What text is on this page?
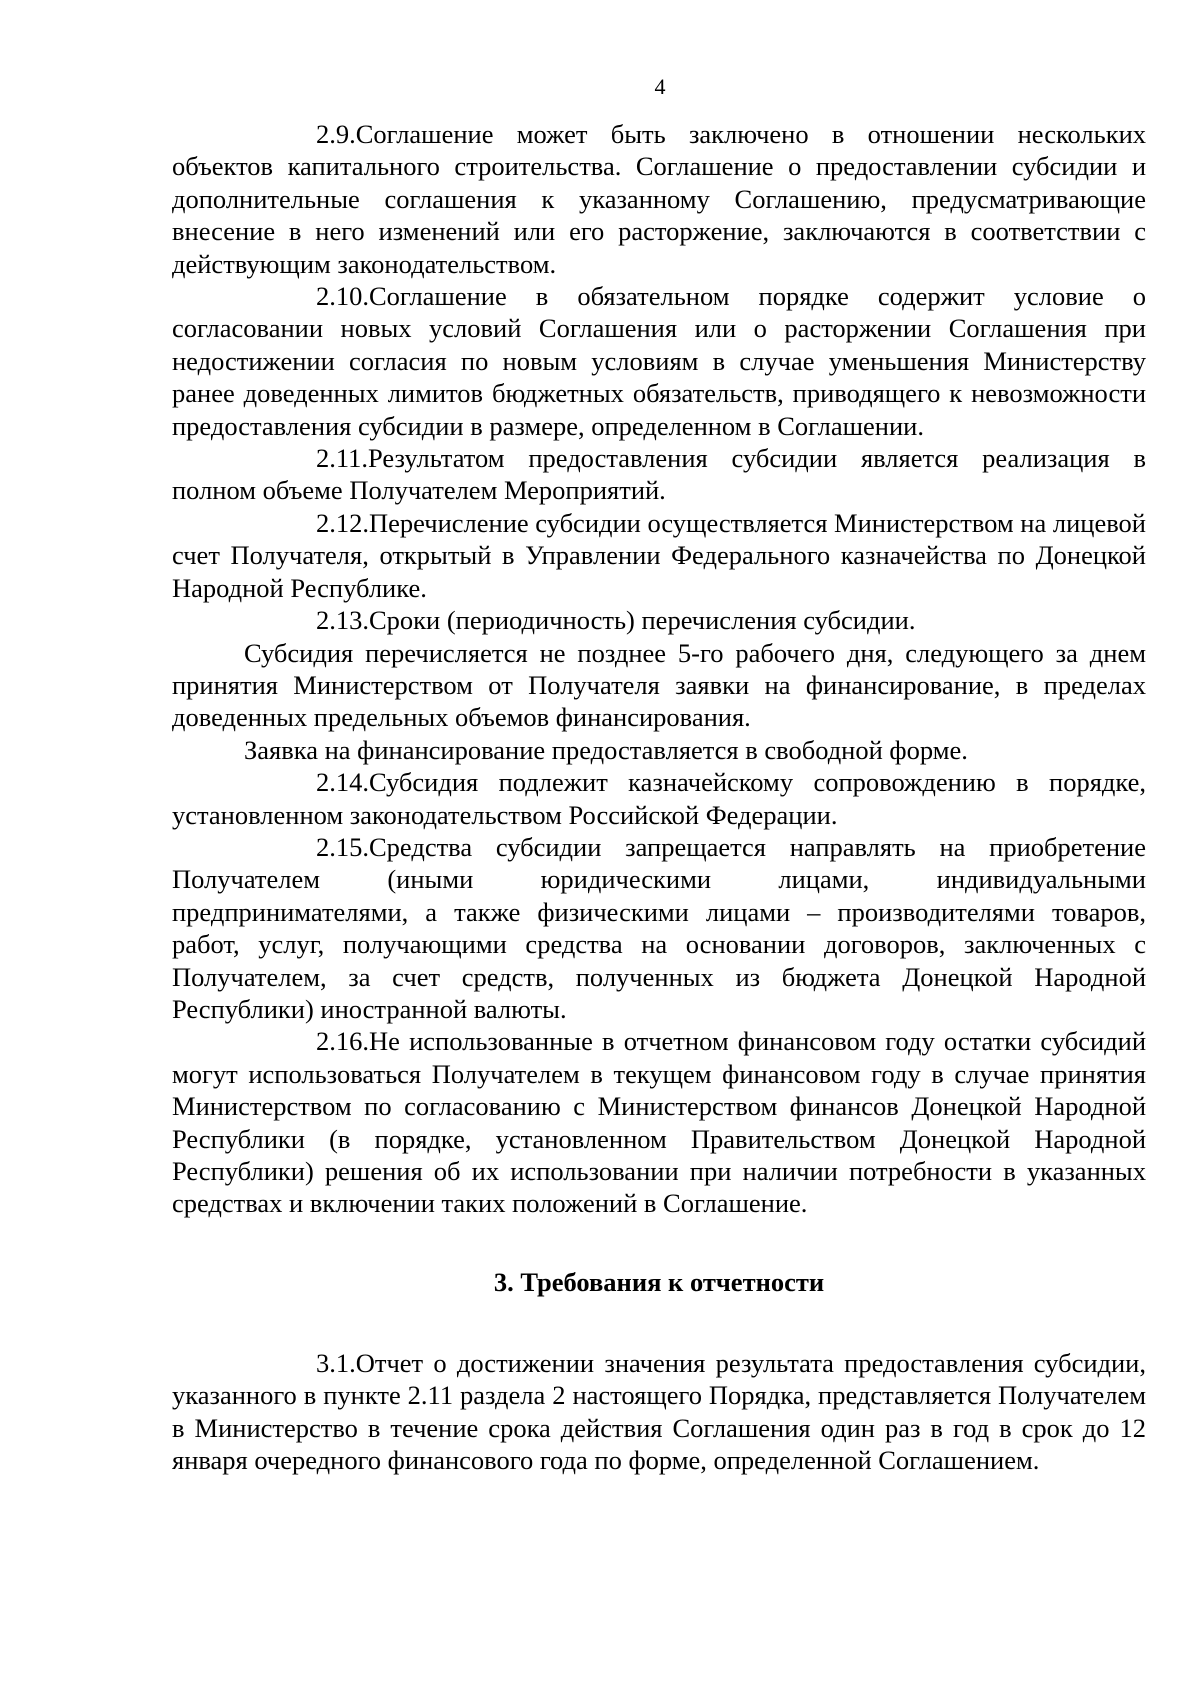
4

2.9.Соглашение может быть заключено в отношении нескольких объектов капитального строительства. Соглашение о предоставлении субсидии и дополнительные соглашения к указанному Соглашению, предусматривающие внесение в него изменений или его расторжение, заключаются в соответствии с действующим законодательством.

2.10.Соглашение в обязательном порядке содержит условие о согласовании новых условий Соглашения или о расторжении Соглашения при недостижении согласия по новым условиям в случае уменьшения Министерству ранее доведенных лимитов бюджетных обязательств, приводящего к невозможности предоставления субсидии в размере, определенном в Соглашении.

2.11.Результатом предоставления субсидии является реализация в полном объеме Получателем Мероприятий.

2.12.Перечисление субсидии осуществляется Министерством на лицевой счет Получателя, открытый в Управлении Федерального казначейства по Донецкой Народной Республике.

2.13.Сроки (периодичность) перечисления субсидии.

Субсидия перечисляется не позднее 5-го рабочего дня, следующего за днем принятия Министерством от Получателя заявки на финансирование, в пределах доведенных предельных объемов финансирования.

Заявка на финансирование предоставляется в свободной форме.

2.14.Субсидия подлежит казначейскому сопровождению в порядке, установленном законодательством Российской Федерации.

2.15.Средства субсидии запрещается направлять на приобретение Получателем (иными юридическими лицами, индивидуальными предпринимателями, а также физическими лицами – производителями товаров, работ, услуг, получающими средства на основании договоров, заключенных с Получателем, за счет средств, полученных из бюджета Донецкой Народной Республики) иностранной валюты.

2.16.Не использованные в отчетном финансовом году остатки субсидий могут использоваться Получателем в текущем финансовом году в случае принятия Министерством по согласованию с Министерством финансов Донецкой Народной Республики (в порядке, установленном Правительством Донецкой Народной Республики) решения об их использовании при наличии потребности в указанных средствах и включении таких положений в Соглашение.

3. Требования к отчетности

3.1.Отчет о достижении значения результата предоставления субсидии, указанного в пункте 2.11 раздела 2 настоящего Порядка, представляется Получателем в Министерство в течение срока действия Соглашения один раз в год в срок до 12 января очередного финансового года по форме, определенной Соглашением.
